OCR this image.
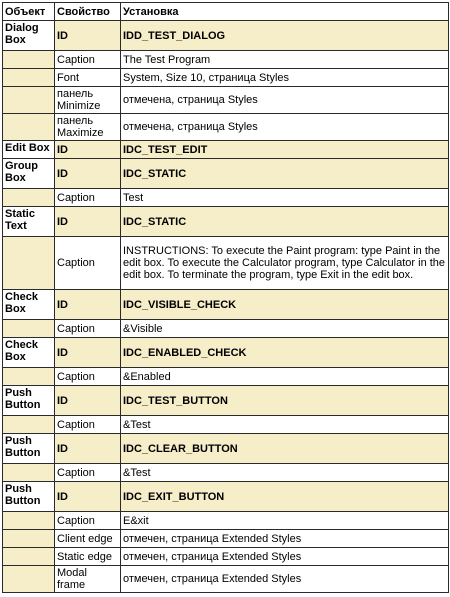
Объект	Свойство	Установка
Dialog Box	ID	IDD_TEST_DIALOG
	Caption	The Test Program
	Font	System, Size 10, страница Styles
	панель Minimize	отмечена, страница Styles
	панель Maximize	отмечена, страница Styles
Edit Box	ID	IDC_TEST_EDIT
Group Box	ID	IDC_STATIC
	Caption	Test
Static Text	ID	IDC_STATIC
	Caption	INSTRUCTIONS: To execute the Paint program: type Paint in the edit box. To execute the Calculator program, type Calculator in the edit box. To terminate the program, type Exit in the edit box.
Check Box	ID	IDC_VISIBLE_CHECK
	Caption	&Visible
Check Box	ID	IDC_ENABLED_CHECK
	Caption	&Enabled
Push Button	ID	IDC_TEST_BUTTON
	Caption	&Test
Push Button	ID	IDC_CLEAR_BUTTON
	Caption	&Test
Push Button	ID	IDC_EXIT_BUTTON
	Caption	E&xit
	Client edge	отмечен, страница Extended Styles
	Static edge	отмечен, страница Extended Styles
	Modal frame	отмечен, страница Extended Styles
